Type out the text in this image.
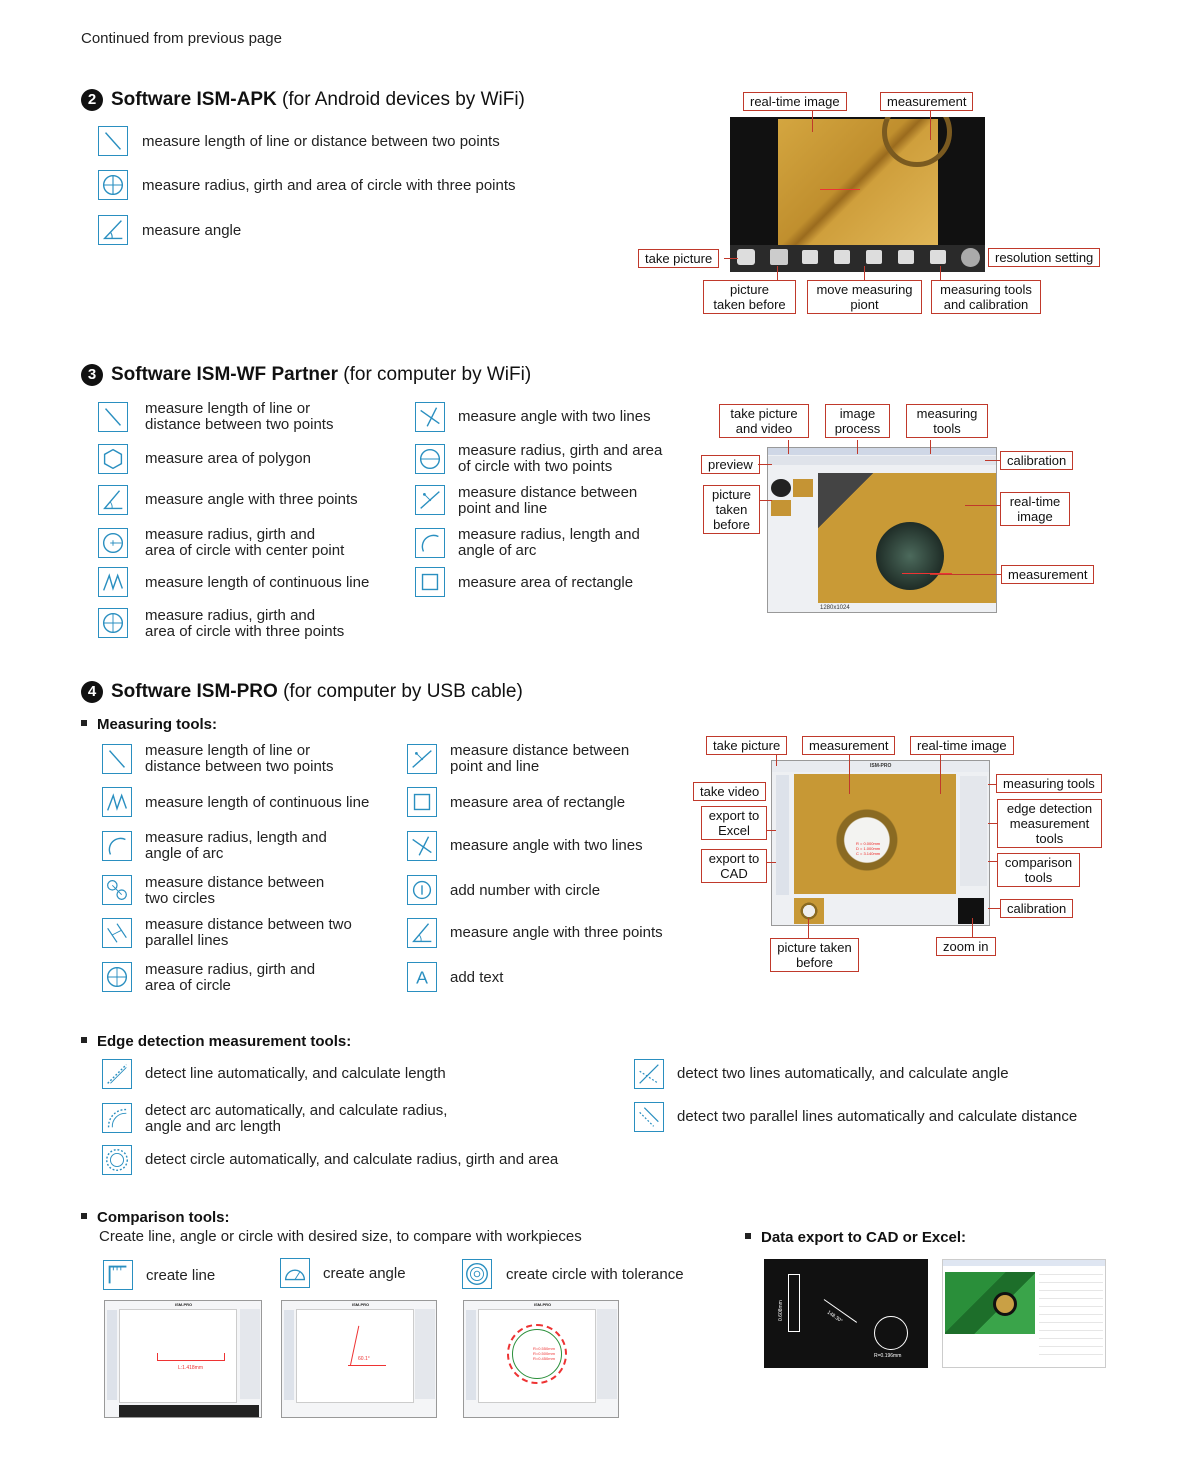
Continued from previous page
2 Software ISM-APK (for Android devices by WiFi)
measure length of line or distance between two points
measure radius, girth and area of circle with three points
measure angle
real-time image	measurement
take picture	resolution setting
picture
taken before
move measuring
piont
measuring tools
and calibration
3 Software ISM-WF Partner (for computer by WiFi)
measure length of line or
distance between two points
measure area of polygon
measure angle with three points
measure radius, girth and
area of circle with center point
measure length of continuous line
measure radius, girth and
area of circle with three points
measure angle with two lines
measure radius, girth and area
of circle with two points
measure distance between
point and line
measure radius, length and
angle of arc
measure area of rectangle
1280x1024
take picture
and video
image
process
measuring
tools
preview	calibration
picture
taken
before
real-time
image
measurement
4 Software ISM-PRO (for computer by USB cable)
Measuring tools:
measure length of line or
distance between two points
measure length of continuous line
measure radius, length and
angle of arc
measure distance between
two circles
measure distance between two
parallel lines
measure radius, girth and
area of circle
measure distance between
point and line
measure area of rectangle
measure angle with two lines
add number with circle
measure angle with three points
A add text
ISM-PRO
R = 0.000mm
D = 1.000mm
C = 3.140mm
take picture	measurement	real-time image
take video
export to
Excel
export to
CAD
measuring tools
edge detection
measurement
tools
comparison
tools
calibration
zoom in
picture taken
before
Edge detection measurement tools:
detect line automatically, and calculate length
detect arc automatically, and calculate radius,
angle and arc length
detect circle automatically, and calculate radius, girth and area
detect two lines automatically, and calculate angle
detect two parallel lines automatically and calculate distance
Comparison tools:
Create line, angle or circle with desired size, to compare with workpieces
create line	create angle	create circle with tolerance
ISM-PRO
L:1.418mm
ISM-PRO
60.1°
ISM-PRO
R=0.550mm
R=0.500mm
R=0.450mm
Data export to CAD or Excel:
0.608mm	148.30°
R=0.196mm
